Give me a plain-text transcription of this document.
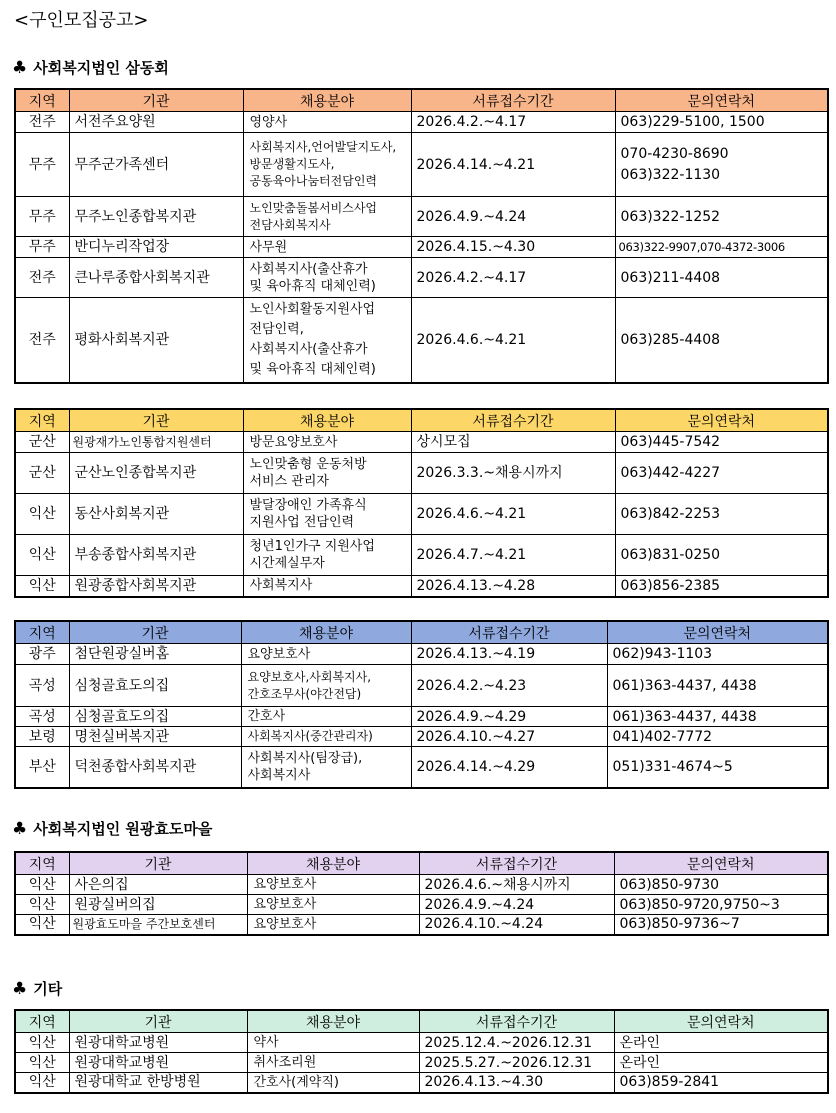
<구인모집공고>
♣ 사회복지법인 삼동회
지역	기관	채용분야	서류접수기간	문의연락처
전주	서전주요양원	영양사	2026.4.2.~4.17	063)229-5100, 1500

무주	무주군가족센터	사회복지사,언어발달지도사,
방문생활지도사,
공동육아나눔터전담인력	2026.4.14.~4.21	070-4230-8690
063)322-1130

무주	무주노인종합복지관	노인맞춤돌봄서비스사업
전담사회복지사	2026.4.9.~4.24	063)322-1252

무주	반디누리작업장	사무원	2026.4.15.~4.30	063)322-9907,070-4372-3006

전주	큰나루종합사회복지관	사회복지사(출산휴가
및 육아휴직 대체인력)	2026.4.2.~4.17	063)211-4408

전주	평화사회복지관	노인사회활동지원사업
전담인력,
사회복지사(출산휴가
및 육아휴직 대체인력)	2026.4.6.~4.21	063)285-4408
지역	기관	채용분야	서류접수기간	문의연락처
군산	원광재가노인통합지원센터	방문요양보호사	상시모집	063)445-7542

군산	군산노인종합복지관	노인맞춤형 운동처방
서비스 관리자	2026.3.3.~채용시까지	063)442-4227

익산	동산사회복지관	발달장애인 가족휴식
지원사업 전담인력	2026.4.6.~4.21	063)842-2253

익산	부송종합사회복지관	청년1인가구 지원사업
시간제실무자	2026.4.7.~4.21	063)831-0250

익산	원광종합사회복지관	사회복지사	2026.4.13.~4.28	063)856-2385
지역	기관	채용분야	서류접수기간	문의연락처
광주	첨단원광실버홈	요양보호사	2026.4.13.~4.19	062)943-1103

곡성	심청골효도의집	요양보호사,사회복지사,
간호조무사(야간전담)	2026.4.2.~4.23	061)363-4437, 4438

곡성	심청골효도의집	간호사	2026.4.9.~4.29	061)363-4437, 4438

보령	명천실버복지관	사회복지사(중간관리자)	2026.4.10.~4.27	041)402-7772

부산	덕천종합사회복지관	사회복지사(팀장급),
사회복지사	2026.4.14.~4.29	051)331-4674~5
♣ 사회복지법인 원광효도마을
지역	기관	채용분야	서류접수기간	문의연락처
익산	사은의집	요양보호사	2026.4.6.~채용시까지	063)850-9730

익산	원광실버의집	요양보호사	2026.4.9.~4.24	063)850-9720,9750~3

익산	원광효도마을 주간보호센터	요양보호사	2026.4.10.~4.24	063)850-9736~7
♣ 기타
지역	기관	채용분야	서류접수기간	문의연락처
익산	원광대학교병원	약사	2025.12.4.~2026.12.31	온라인

익산	원광대학교병원	취사조리원	2025.5.27.~2026.12.31	온라인

익산	원광대학교 한방병원	간호사(계약직)	2026.4.13.~4.30	063)859-2841
